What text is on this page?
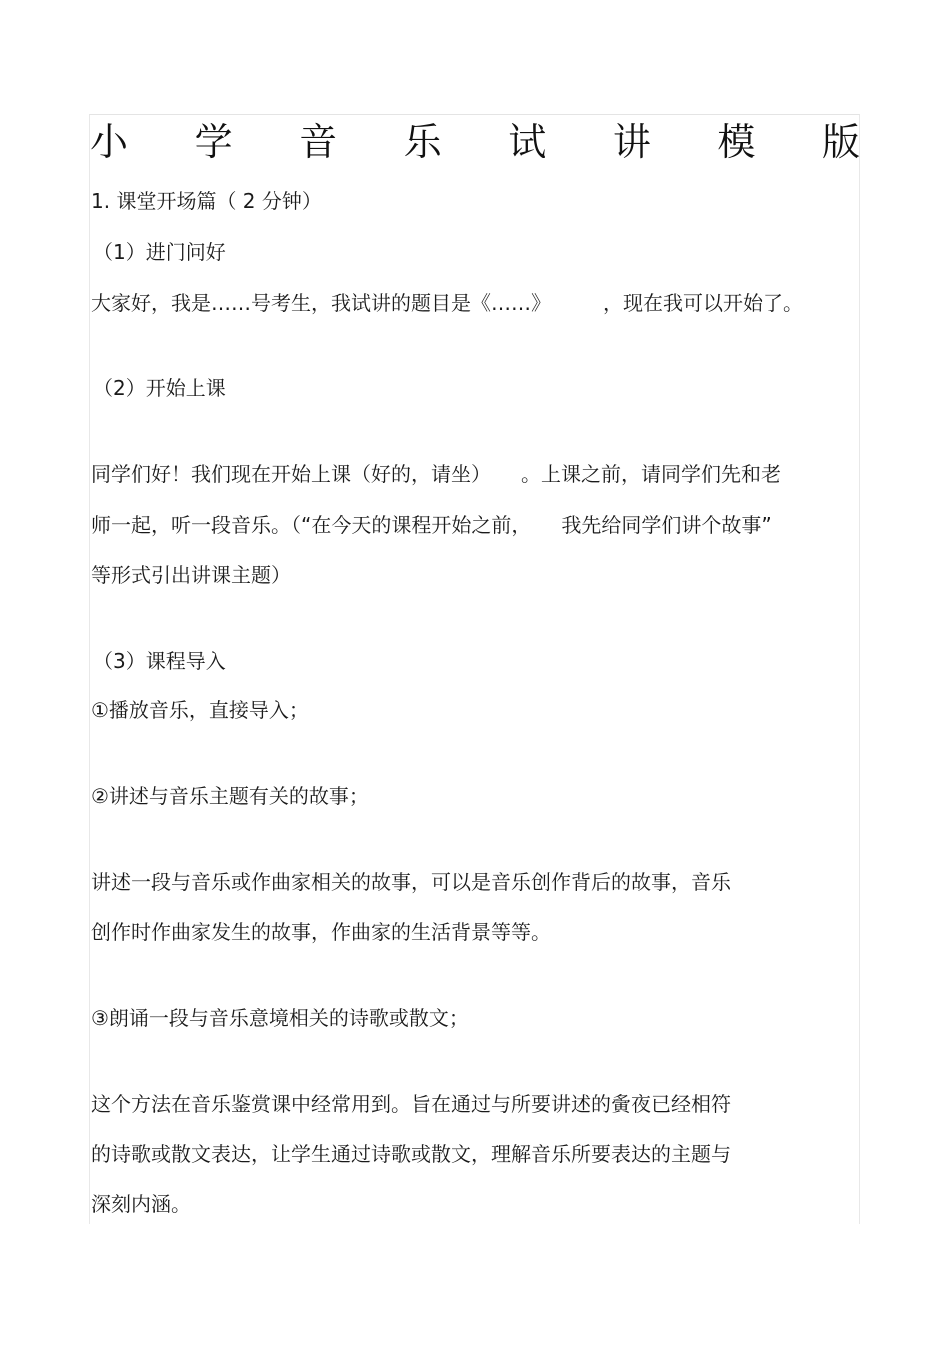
小 学 音 乐 试 讲 模 版
1. 课堂开场篇（ 2 分钟）
（1）进门问好
大家好，我是……号考生，我试讲的题目是《……》	，现在我可以开始了。
（2）开始上课
同学们好！我们现在开始上课（好的，请坐） 。上课之前，请同学们先和老
师一起，听一段音乐。（“在今天的课程开始之前， 我先给同学们讲个故事”
等形式引出讲课主题）
（3）课程导入
①播放音乐，直接导入；
②讲述与音乐主题有关的故事；
讲述一段与音乐或作曲家相关的故事，可以是音乐创作背后的故事，音乐
创作时作曲家发生的故事，作曲家的生活背景等等。
③朗诵一段与音乐意境相关的诗歌或散文；
这个方法在音乐鉴赏课中经常用到。旨在通过与所要讲述的夤夜已经相符
的诗歌或散文表达，让学生通过诗歌或散文，理解音乐所要表达的主题与
深刻内涵。
